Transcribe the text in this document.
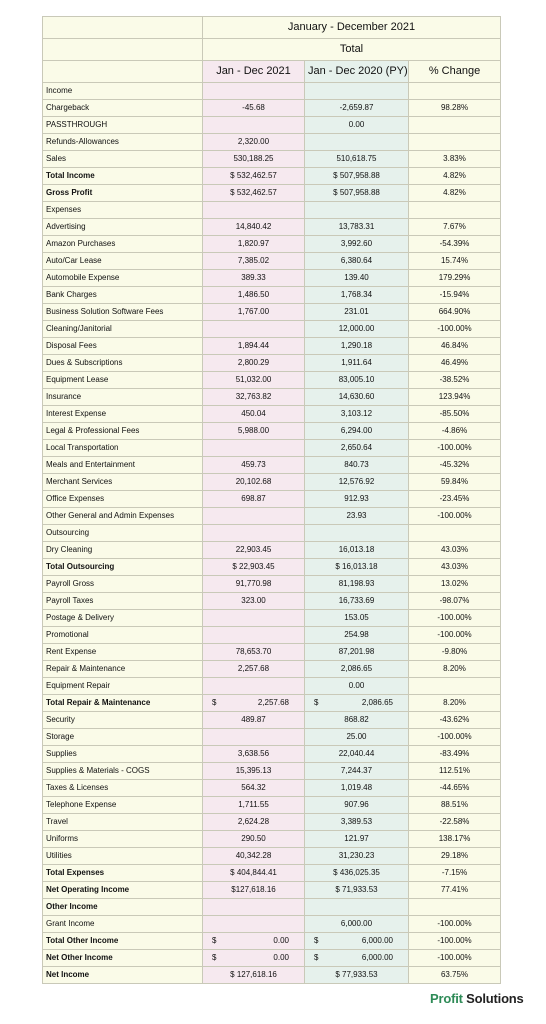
	January - December 2021		
	Total		
	Jan - Dec 2021	Jan - Dec 2020 (PY)	% Change
Income			
Chargeback	-45.68	-2,659.87	98.28%
PASSTHROUGH		0.00	
Refunds-Allowances	2,320.00		
Sales	530,188.25	510,618.75	3.83%
Total Income	$ 532,462.57	$ 507,958.88	4.82%
Gross Profit	$ 532,462.57	$ 507,958.88	4.82%
Expenses			
Advertising	14,840.42	13,783.31	7.67%
Amazon Purchases	1,820.97	3,992.60	-54.39%
Auto/Car Lease	7,385.02	6,380.64	15.74%
Automobile Expense	389.33	139.40	179.29%
Bank Charges	1,486.50	1,768.34	-15.94%
Business Solution Software Fees	1,767.00	231.01	664.90%
Cleaning/Janitorial		12,000.00	-100.00%
Disposal Fees	1,894.44	1,290.18	46.84%
Dues & Subscriptions	2,800.29	1,911.64	46.49%
Equipment Lease	51,032.00	83,005.10	-38.52%
Insurance	32,763.82	14,630.60	123.94%
Interest Expense	450.04	3,103.12	-85.50%
Legal & Professional Fees	5,988.00	6,294.00	-4.86%
Local Transportation		2,650.64	-100.00%
Meals and Entertainment	459.73	840.73	-45.32%
Merchant Services	20,102.68	12,576.92	59.84%
Office Expenses	698.87	912.93	-23.45%
Other General and Admin Expenses		23.93	-100.00%
Outsourcing			
Dry Cleaning	22,903.45	16,013.18	43.03%
Total Outsourcing	$ 22,903.45	$ 16,013.18	43.03%
Payroll Gross	91,770.98	81,198.93	13.02%
Payroll Taxes	323.00	16,733.69	-98.07%
Postage & Delivery		153.05	-100.00%
Promotional		254.98	-100.00%
Rent Expense	78,653.70	87,201.98	-9.80%
Repair & Maintenance	2,257.68	2,086.65	8.20%
Equipment Repair		0.00	
Total Repair & Maintenance	$ 2,257.68	$ 2,086.65	8.20%
Security	489.87	868.82	-43.62%
Storage		25.00	-100.00%
Supplies	3,638.56	22,040.44	-83.49%
Supplies & Materials - COGS	15,395.13	7,244.37	112.51%
Taxes & Licenses	564.32	1,019.48	-44.65%
Telephone Expense	1,711.55	907.96	88.51%
Travel	2,624.28	3,389.53	-22.58%
Uniforms	290.50	121.97	138.17%
Utilities	40,342.28	31,230.23	29.18%
Total Expenses	$ 404,844.41	$ 436,025.35	-7.15%
Net Operating Income	$127,618.16	$ 71,933.53	77.41%
Other Income			
Grant Income		6,000.00	-100.00%
Total Other Income	$ 0.00	$ 6,000.00	-100.00%
Net Other Income	$ 0.00	$ 6,000.00	-100.00%
Net Income	$ 127,618.16	$ 77,933.53	63.75%
Profit Solutions
